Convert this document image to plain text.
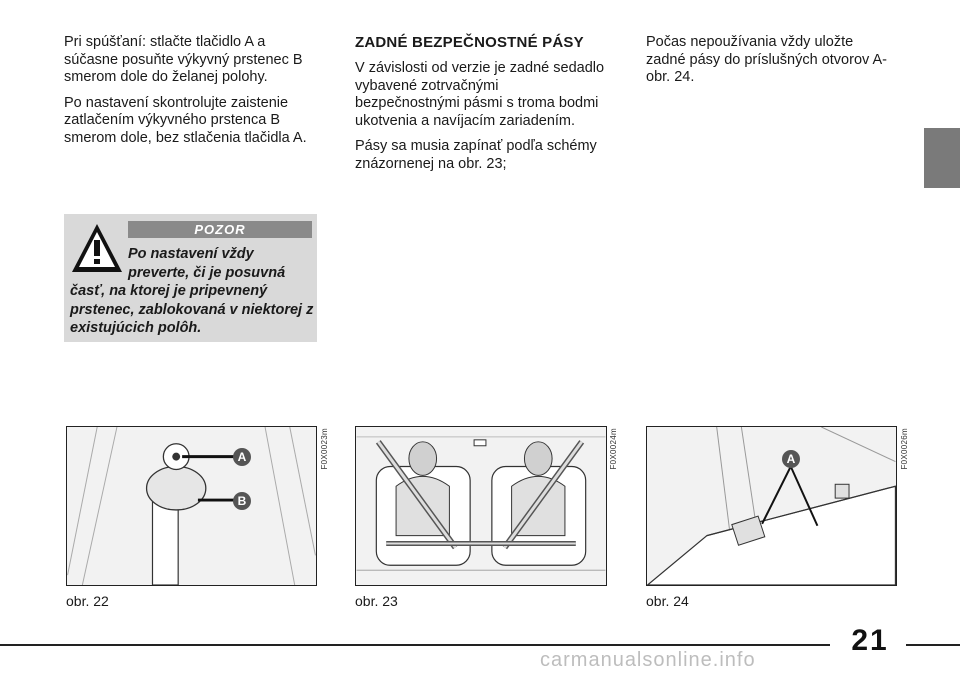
Pri spúšťaní: stlačte tlačidlo A a súčasne posuňte výkyvný prstenec B smerom dole do želanej polohy.

Po nastavení skontrolujte zaistenie zatlačením výkyvného prstenca B smerom dole, bez stlačenia tlačidla A.

POZOR
Po nastavení vždy preverte, či je posuvná
časť, na ktorej je pripevnený prstenec, zablokovaná v niektorej z existujúcich polôh.
ZADNÉ BEZPEČNOSTNÉ PÁSY

V závislosti od verzie je zadné sedadlo vybavené zotrvačnými bezpečnostnými pásmi s troma bodmi ukotvenia a navíjacím zariadením.

Pásy sa musia zapínať podľa schémy znázornenej na obr. 23;

Počas nepoužívania vždy uložte zadné pásy do príslušných otvorov A-obr. 24.

A
B
F0X0023m
obr. 22
F0X0024m
obr. 23
A	F0X0026m
obr. 24
21
carmanualsonline.info
